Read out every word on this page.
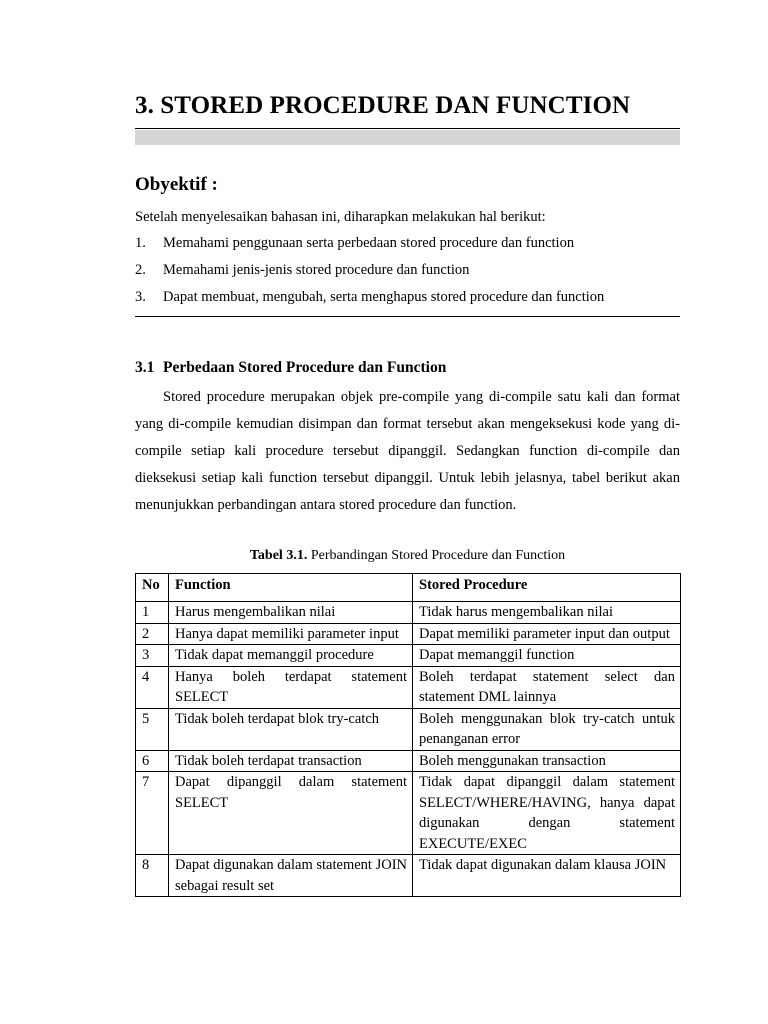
3. STORED PROCEDURE DAN FUNCTION
Obyektif :
Setelah menyelesaikan bahasan ini, diharapkan melakukan hal berikut:
1. Memahami penggunaan serta perbedaan stored procedure dan function
2. Memahami jenis-jenis stored procedure dan function
3. Dapat membuat, mengubah, serta menghapus stored procedure dan function
3.1 Perbedaan Stored Procedure dan Function

Stored procedure merupakan objek pre-compile yang di-compile satu kali dan format yang di-compile kemudian disimpan dan format tersebut akan mengeksekusi kode yang di-compile setiap kali procedure tersebut dipanggil. Sedangkan function di-compile dan dieksekusi setiap kali function tersebut dipanggil. Untuk lebih jelasnya, tabel berikut akan menunjukkan perbandingan antara stored procedure dan function.

Tabel 3.1. Perbandingan Stored Procedure dan Function
No	Function	Stored Procedure
1	Harus mengembalikan nilai	Tidak harus mengembalikan nilai
2	Hanya dapat memiliki parameter input	Dapat memiliki parameter input dan output
3	Tidak dapat memanggil procedure	Dapat memanggil function
4	Hanya boleh terdapat statement SELECT	Boleh terdapat statement select dan statement DML lainnya
5	Tidak boleh terdapat blok try-catch	Boleh menggunakan blok try-catch untuk penanganan error
6	Tidak boleh terdapat transaction	Boleh menggunakan transaction
7	Dapat dipanggil dalam statement SELECT	Tidak dapat dipanggil dalam statement SELECT/WHERE/HAVING, hanya dapat digunakan dengan statement EXECUTE/EXEC
8	Dapat digunakan dalam statement JOIN sebagai result set	Tidak dapat digunakan dalam klausa JOIN
